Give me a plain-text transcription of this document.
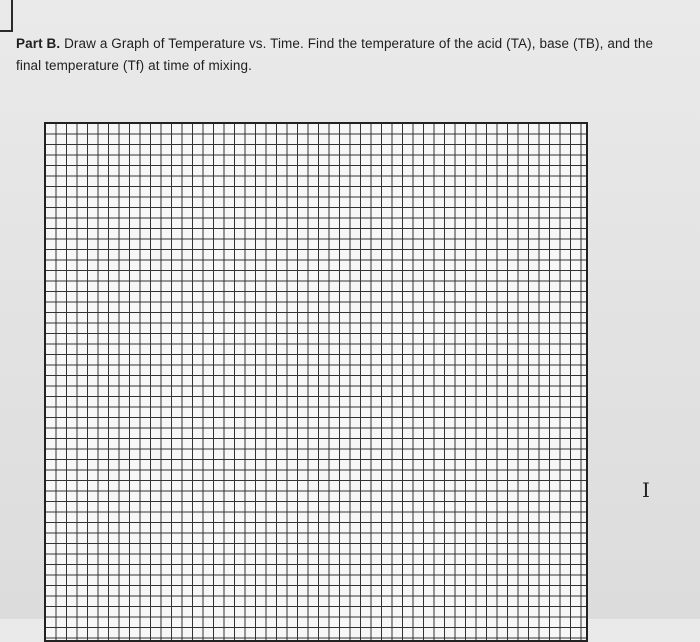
Part B. Draw a Graph of Temperature vs. Time. Find the temperature of the acid (TA), base (TB), and the
final temperature (Tf) at time of mixing.

I
